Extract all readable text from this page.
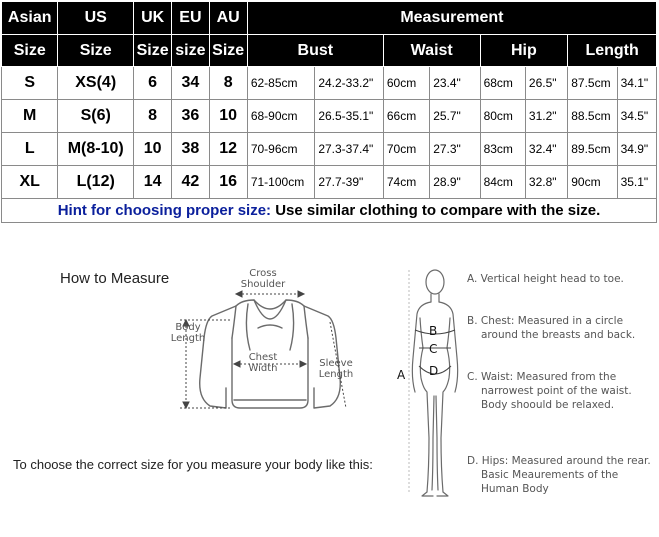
Asian	US	UK	EU	AU	Measurement							
Size	Size	Size	size	Size	Bust		Waist		Hip		Length	
S	XS(4)	6	34	8	62-85cm	24.2-33.2"	60cm	23.4"	68cm	26.5"	87.5cm	34.1"
M	S(6)	8	36	10	68-90cm	26.5-35.1"	66cm	25.7"	80cm	31.2"	88.5cm	34.5"
L	M(8-10)	10	38	12	70-96cm	27.3-37.4"	70cm	27.3"	83cm	32.4"	89.5cm	34.9"
XL	L(12)	14	42	16	71-100cm	27.7-39"	74cm	28.9"	84cm	32.8"	90cm	35.1"
Hint for choosing proper size: Use similar clothing to compare with the size.												
How to Measure	Cross
Shoulder
Body
Length
Chest
Width	Sleeve
Length
To choose the correct size for you measure your body like this:
A
B
C
D
A. Vertical height head to toe.
B. Chest: Measured in a circle around the breasts and back.
C. Waist: Measured from the narrowest point of the waist. Body shoould be relaxed.
D. Hips: Measured around the rear. Basic Meaurements of the Human Body
